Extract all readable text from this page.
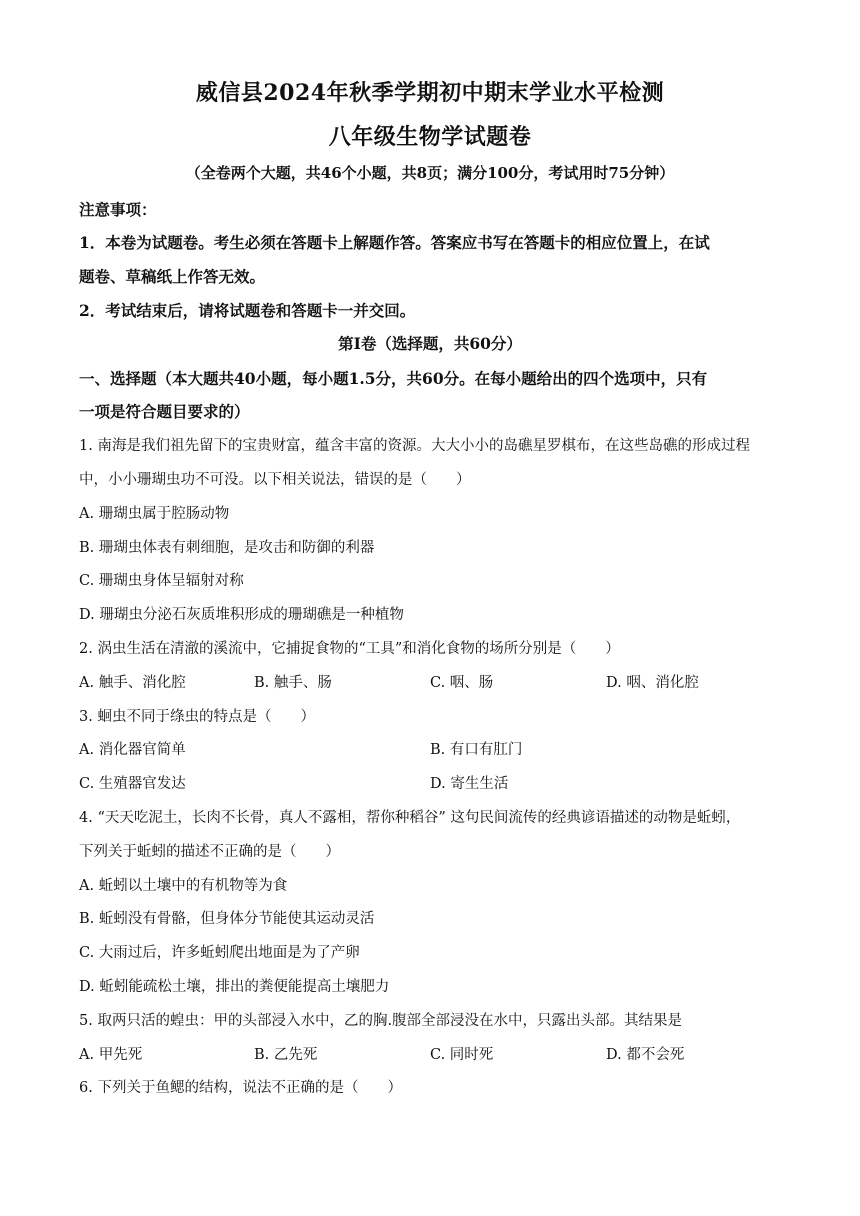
威信县2024年秋季学期初中期末学业水平检测
八年级生物学试题卷
（全卷两个大题，共46个小题，共8页；满分100分，考试用时75分钟）
注意事项：
1．本卷为试题卷。考生必须在答题卡上解题作答。答案应书写在答题卡的相应位置上，在试
题卷、草稿纸上作答无效。
2．考试结束后，请将试题卷和答题卡一并交回。
第Ⅰ卷（选择题，共60分）
一、选择题（本大题共40小题，每小题1.5分，共60分。在每小题给出的四个选项中，只有
一项是符合题目要求的）
1. 南海是我们祖先留下的宝贵财富，蕴含丰富的资源。大大小小的岛礁星罗棋布，在这些岛礁的形成过程
中，小小珊瑚虫功不可没。以下相关说法，错误的是（　　）
A. 珊瑚虫属于腔肠动物
B. 珊瑚虫体表有刺细胞，是攻击和防御的利器
C. 珊瑚虫身体呈辐射对称
D. 珊瑚虫分泌石灰质堆积形成的珊瑚礁是一种植物
2. 涡虫生活在清澈的溪流中，它捕捉食物的“工具”和消化食物的场所分别是（　　）
A. 触手、消化腔	B. 触手、肠	C. 咽、肠	D. 咽、消化腔
3. 蛔虫不同于绦虫的特点是（　　）
A. 消化器官简单	B. 有口有肛门
C. 生殖器官发达	D. 寄生生活
4. “天天吃泥土，长肉不长骨，真人不露相，帮你种稻谷” 这句民间流传的经典谚语描述的动物是蚯蚓，
下列关于蚯蚓的描述不正确的是（　　）
A. 蚯蚓以土壤中的有机物等为食
B. 蚯蚓没有骨骼，但身体分节能使其运动灵活
C. 大雨过后，许多蚯蚓爬出地面是为了产卵
D. 蚯蚓能疏松土壤，排出的粪便能提高土壤肥力
5. 取两只活的蝗虫：甲的头部浸入水中，乙的胸.腹部全部浸没在水中，只露出头部。其结果是
A. 甲先死	B. 乙先死	C. 同时死	D. 都不会死
6. 下列关于鱼鳃的结构，说法不正确的是（　　）
